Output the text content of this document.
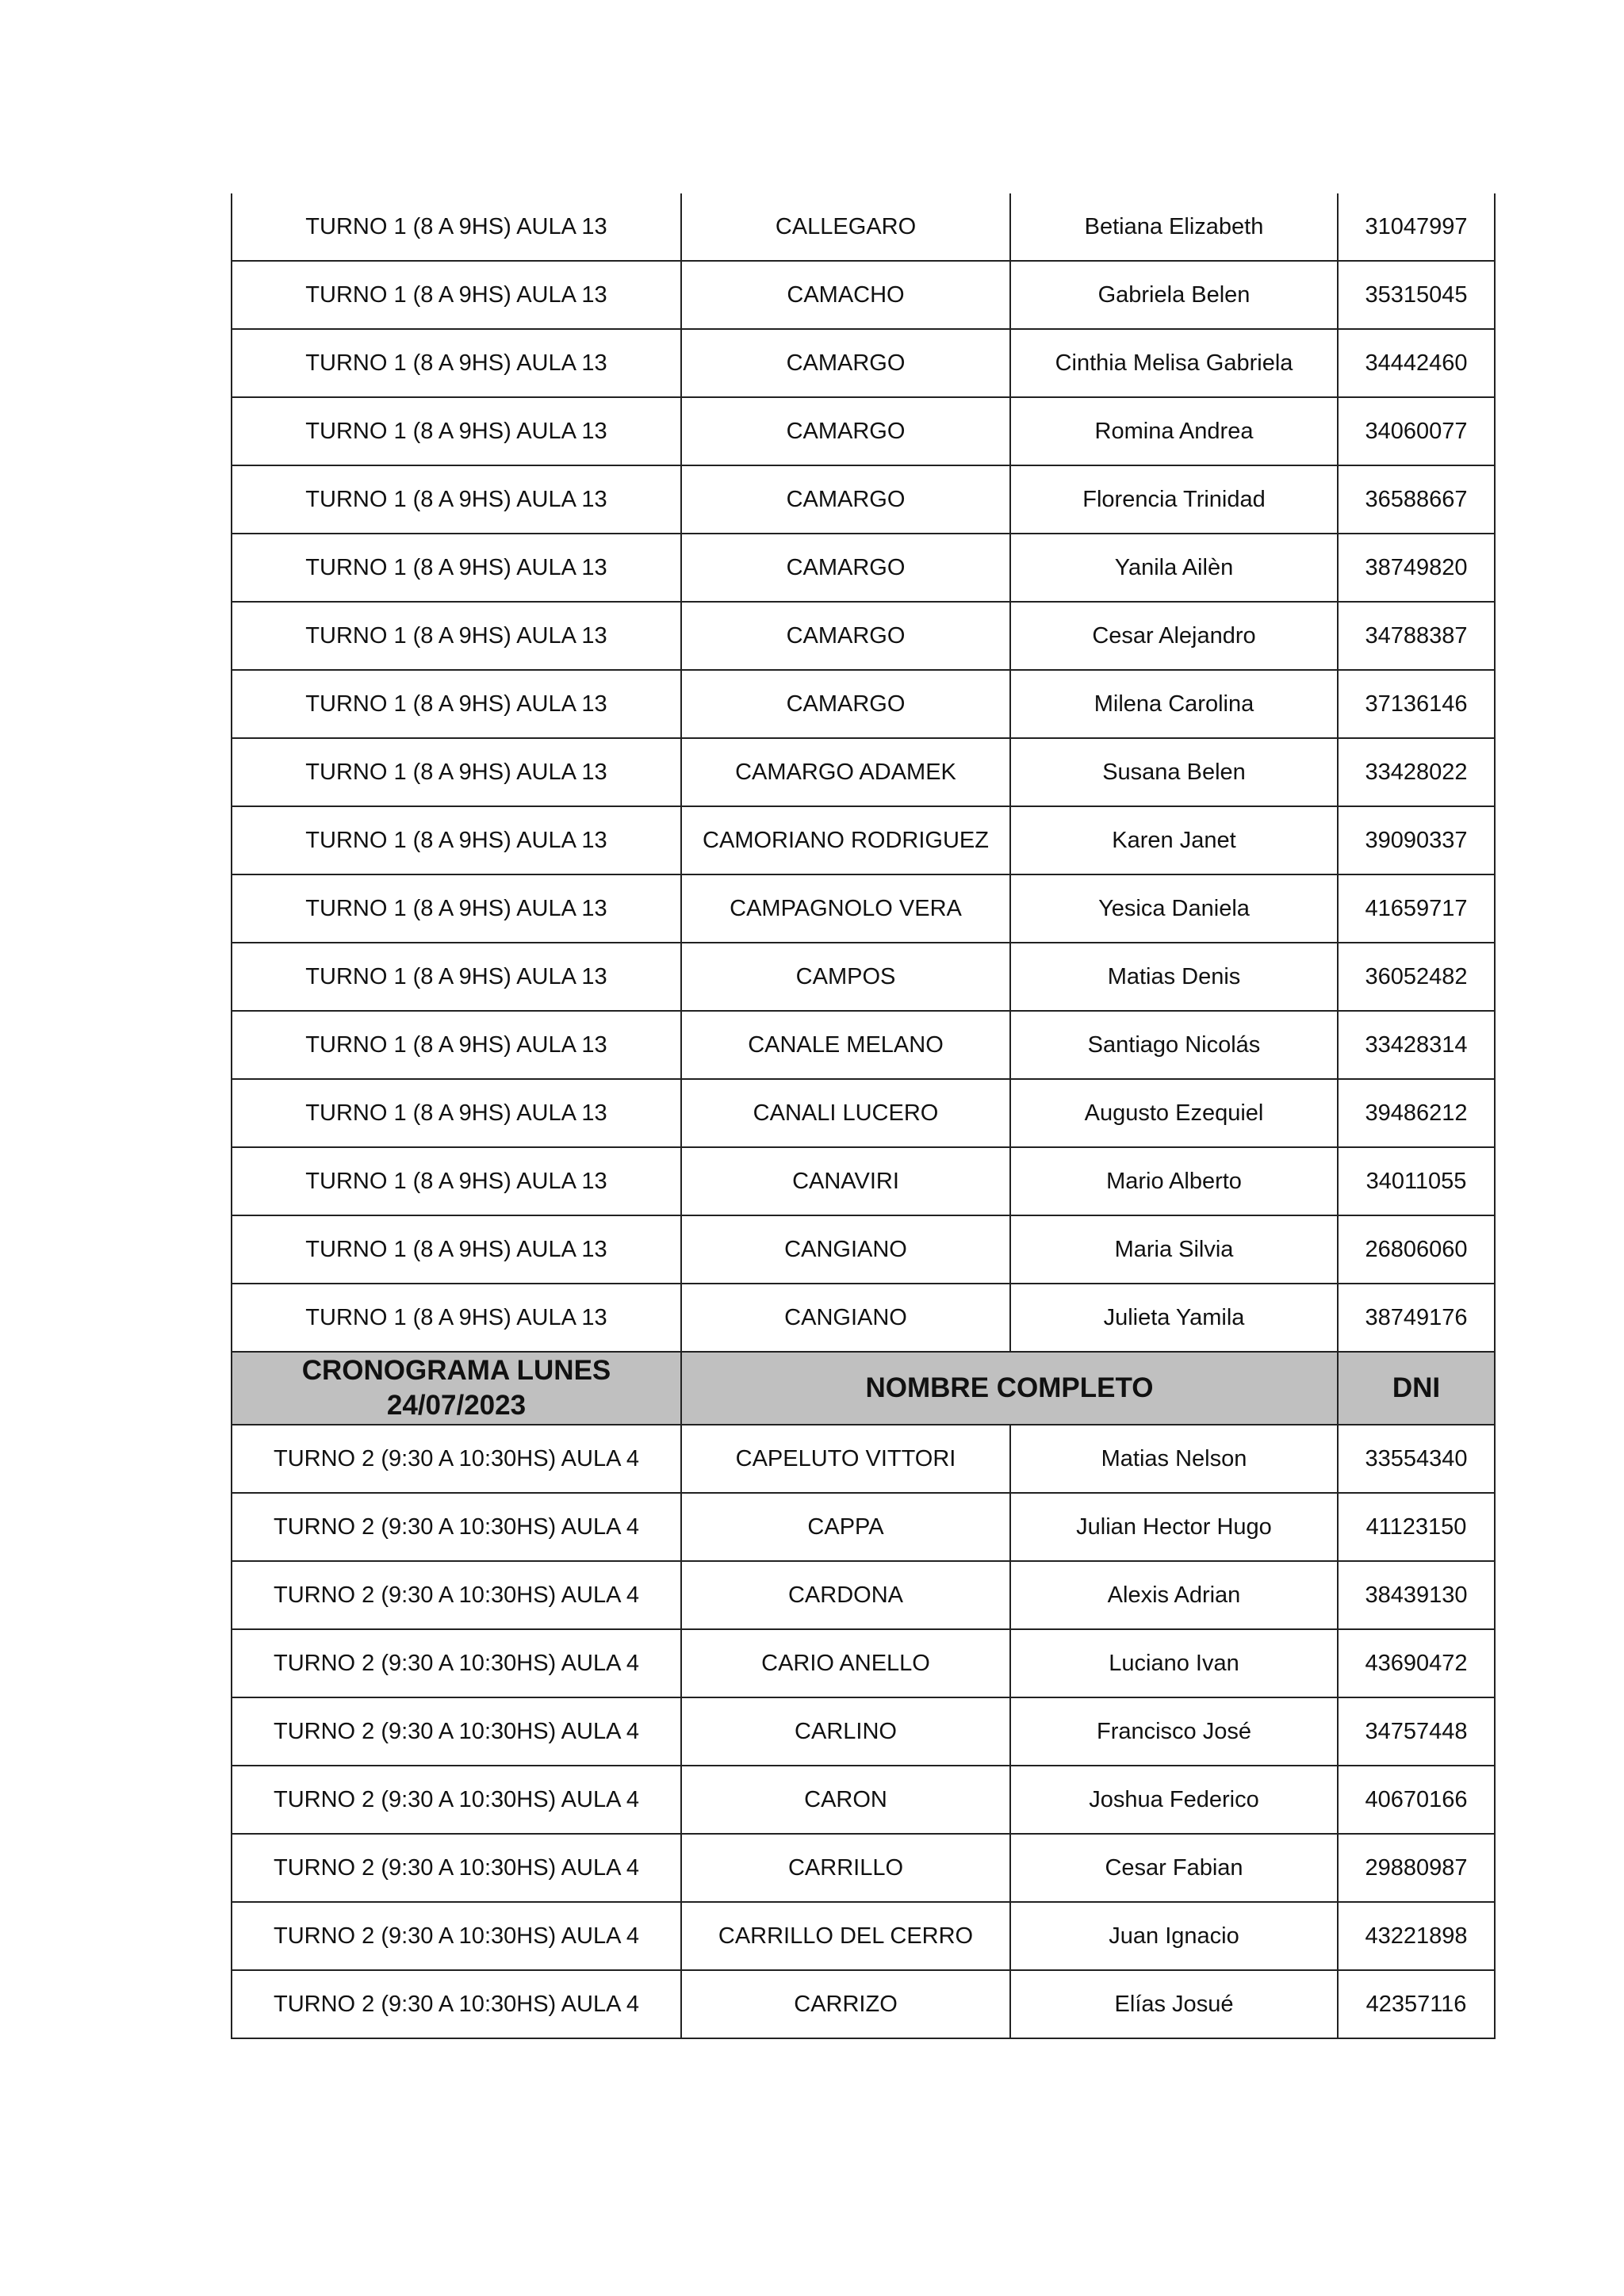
TURNO 1 (8 A 9HS) AULA 13	CALLEGARO	Betiana Elizabeth	31047997
TURNO 1 (8 A 9HS) AULA 13	CAMACHO	Gabriela Belen	35315045
TURNO 1 (8 A 9HS) AULA 13	CAMARGO	Cinthia Melisa Gabriela	34442460
TURNO 1 (8 A 9HS) AULA 13	CAMARGO	Romina Andrea	34060077
TURNO 1 (8 A 9HS) AULA 13	CAMARGO	Florencia Trinidad	36588667
TURNO 1 (8 A 9HS) AULA 13	CAMARGO	Yanila Ailèn	38749820
TURNO 1 (8 A 9HS) AULA 13	CAMARGO	Cesar Alejandro	34788387
TURNO 1 (8 A 9HS) AULA 13	CAMARGO	Milena Carolina	37136146
TURNO 1 (8 A 9HS) AULA 13	CAMARGO ADAMEK	Susana Belen	33428022
TURNO 1 (8 A 9HS) AULA 13	CAMORIANO RODRIGUEZ	Karen Janet	39090337
TURNO 1 (8 A 9HS) AULA 13	CAMPAGNOLO VERA	Yesica Daniela	41659717
TURNO 1 (8 A 9HS) AULA 13	CAMPOS	Matias Denis	36052482
TURNO 1 (8 A 9HS) AULA 13	CANALE MELANO	Santiago Nicolás	33428314
TURNO 1 (8 A 9HS) AULA 13	CANALI LUCERO	Augusto Ezequiel	39486212
TURNO 1 (8 A 9HS) AULA 13	CANAVIRI	Mario Alberto	34011055
TURNO 1 (8 A 9HS) AULA 13	CANGIANO	Maria Silvia	26806060
TURNO 1 (8 A 9HS) AULA 13	CANGIANO	Julieta Yamila	38749176
CRONOGRAMA LUNES 24/07/2023	NOMBRE COMPLETO		DNI
TURNO 2 (9:30 A 10:30HS) AULA 4	CAPELUTO VITTORI	Matias Nelson	33554340
TURNO 2 (9:30 A 10:30HS) AULA 4	CAPPA	Julian Hector Hugo	41123150
TURNO 2 (9:30 A 10:30HS) AULA 4	CARDONA	Alexis Adrian	38439130
TURNO 2 (9:30 A 10:30HS) AULA 4	CARIO ANELLO	Luciano Ivan	43690472
TURNO 2 (9:30 A 10:30HS) AULA 4	CARLINO	Francisco José	34757448
TURNO 2 (9:30 A 10:30HS) AULA 4	CARON	Joshua Federico	40670166
TURNO 2 (9:30 A 10:30HS) AULA 4	CARRILLO	Cesar Fabian	29880987
TURNO 2 (9:30 A 10:30HS) AULA 4	CARRILLO DEL CERRO	Juan Ignacio	43221898
TURNO 2 (9:30 A 10:30HS) AULA 4	CARRIZO	Elías Josué	42357116
